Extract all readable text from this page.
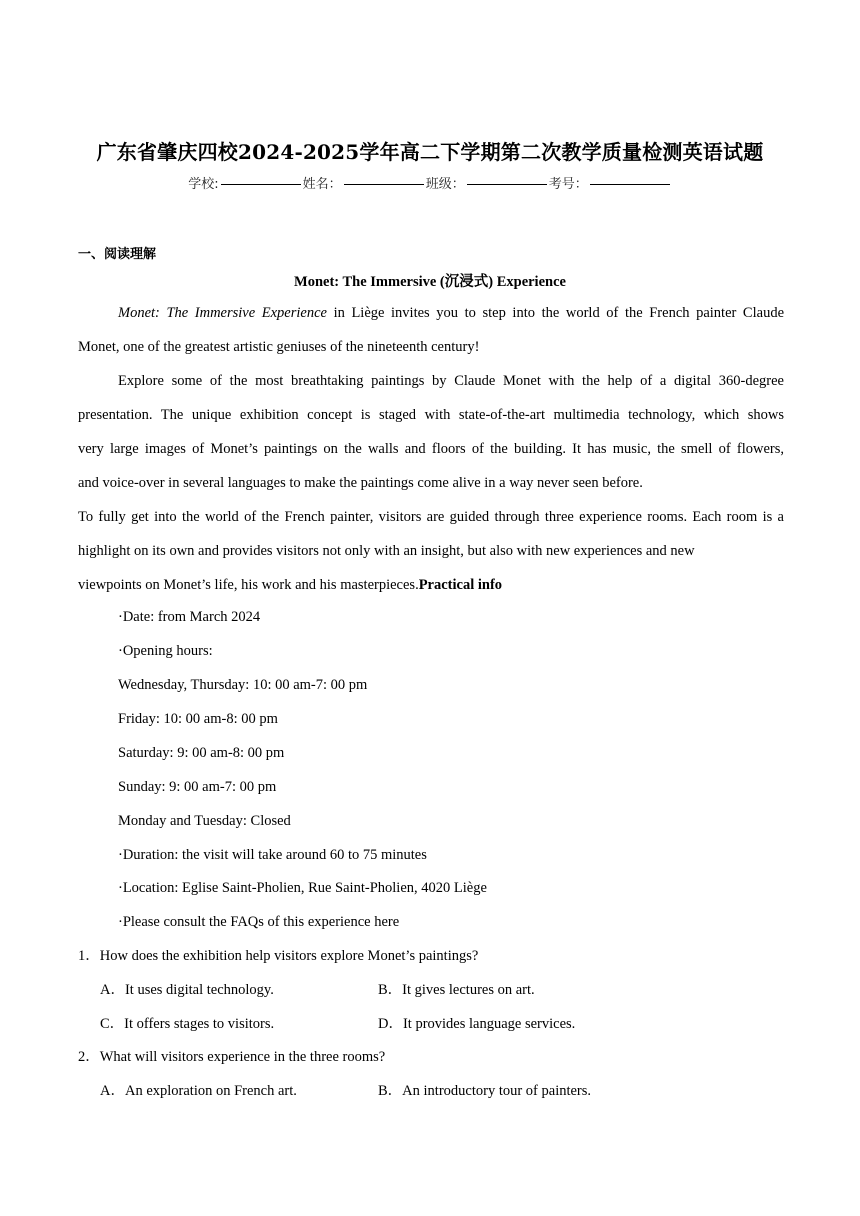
广东省肇庆四校2024-2025学年高二下学期第二次教学质量检测英语试题
学校:	姓名：	班级：	考号：
一、阅读理解
Monet: The Immersive (沉浸式) Experience
Monet: The Immersive Experience in Liège invites you to step into the world of the French painter Claude
Monet, one of the greatest artistic geniuses of the nineteenth century!
Explore some of the most breathtaking paintings by Claude Monet with the help of a digital 360-degree
presentation. The unique exhibition concept is staged with state-of-the-art multimedia technology, which shows
very large images of Monet’s paintings on the walls and floors of the building. It has music, the smell of flowers,
and voice-over in several languages to make the paintings come alive in a way never seen before.
To fully get into the world of the French painter, visitors are guided through three experience rooms. Each room is a
highlight on its own and provides visitors not only with an insight, but also with new experiences and new
viewpoints on Monet’s life, his work and his masterpieces.Practical info
·Date: from March 2024
·Opening hours:
Wednesday, Thursday: 10: 00 am-7: 00 pm
Friday: 10: 00 am-8: 00 pm
Saturday: 9: 00 am-8: 00 pm
Sunday: 9: 00 am-7: 00 pm
Monday and Tuesday: Closed
·Duration: the visit will take around 60 to 75 minutes
·Location: Eglise Saint-Pholien, Rue Saint-Pholien, 4020 Liège
·Please consult the FAQs of this experience here
1．How does the exhibition help visitors explore Monet’s paintings?
A．It uses digital technology.	B．It gives lectures on art.
C．It offers stages to visitors.	D．It provides language services.
2．What will visitors experience in the three rooms?
A．An exploration on French art.	B．An introductory tour of painters.
